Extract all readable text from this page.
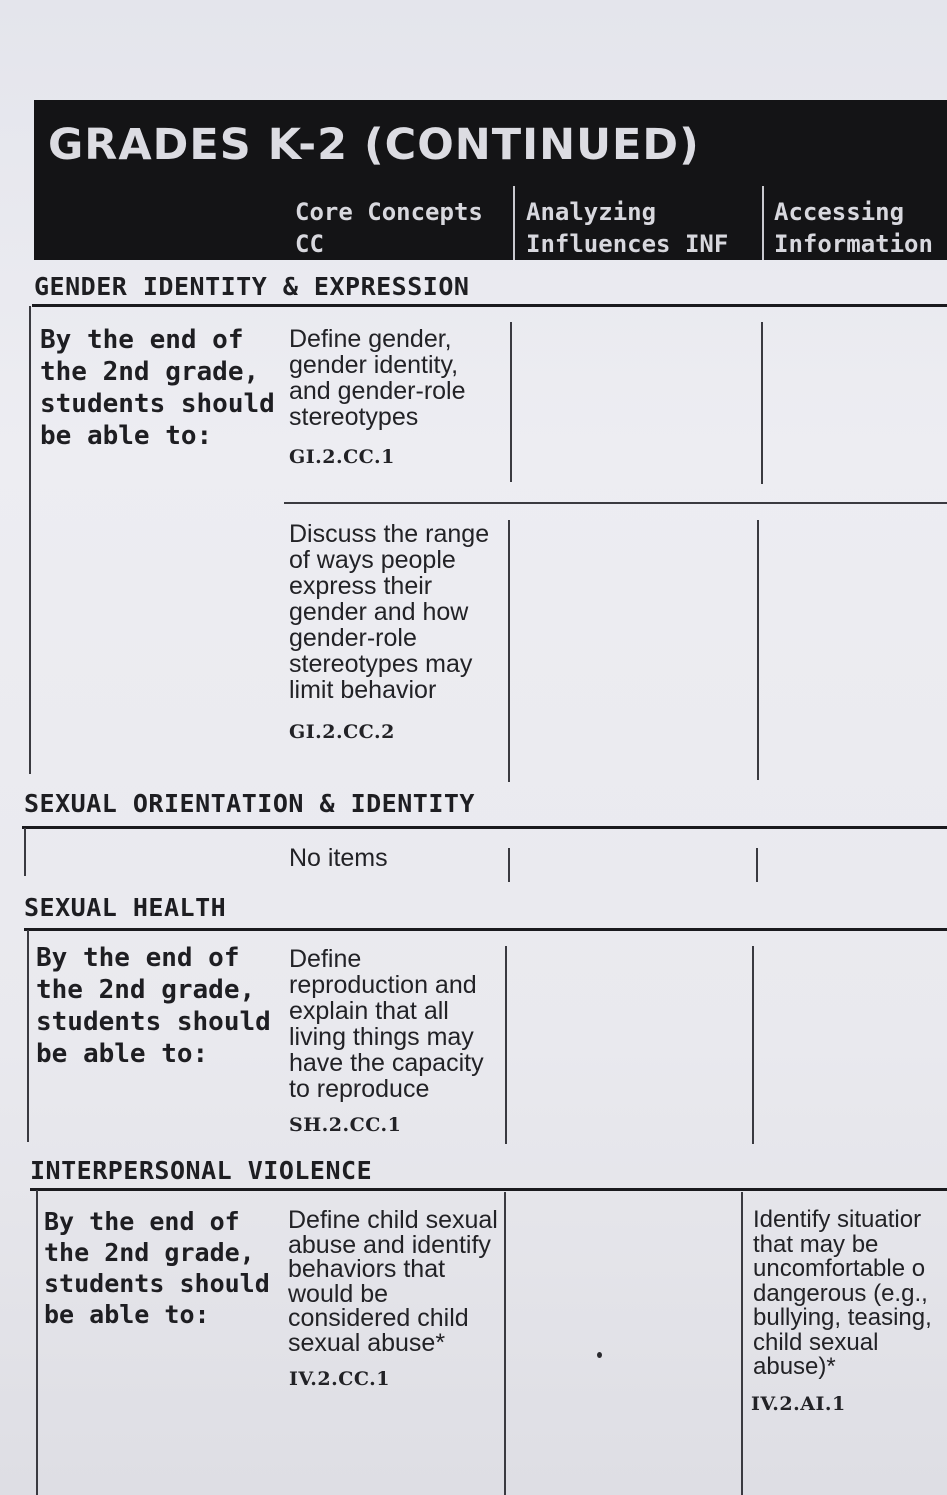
GRADES K-2 (CONTINUED)
Core Concepts
CC
Analyzing
Influences INF
Accessing
Information
GENDER IDENTITY & EXPRESSION
By the end of the 2nd grade, students should be able to:
Define gender, gender identity, and gender-role stereotypes
GI.2.CC.1
Discuss the range of ways people express their gender and how gender-role stereotypes may limit behavior
GI.2.CC.2
SEXUAL ORIENTATION & IDENTITY
No items
SEXUAL HEALTH
By the end of the 2nd grade, students should be able to:
Define reproduction and explain that all living things may have the capacity to reproduce
SH.2.CC.1
INTERPERSONAL VIOLENCE
By the end of the 2nd grade, students should be able to:
Define child sexual abuse and identify behaviors that would be considered child sexual abuse*
IV.2.CC.1
Identify situatior that may be uncomfortable o dangerous (e.g., bullying, teasing, child sexual abuse)*
IV.2.AI.1
